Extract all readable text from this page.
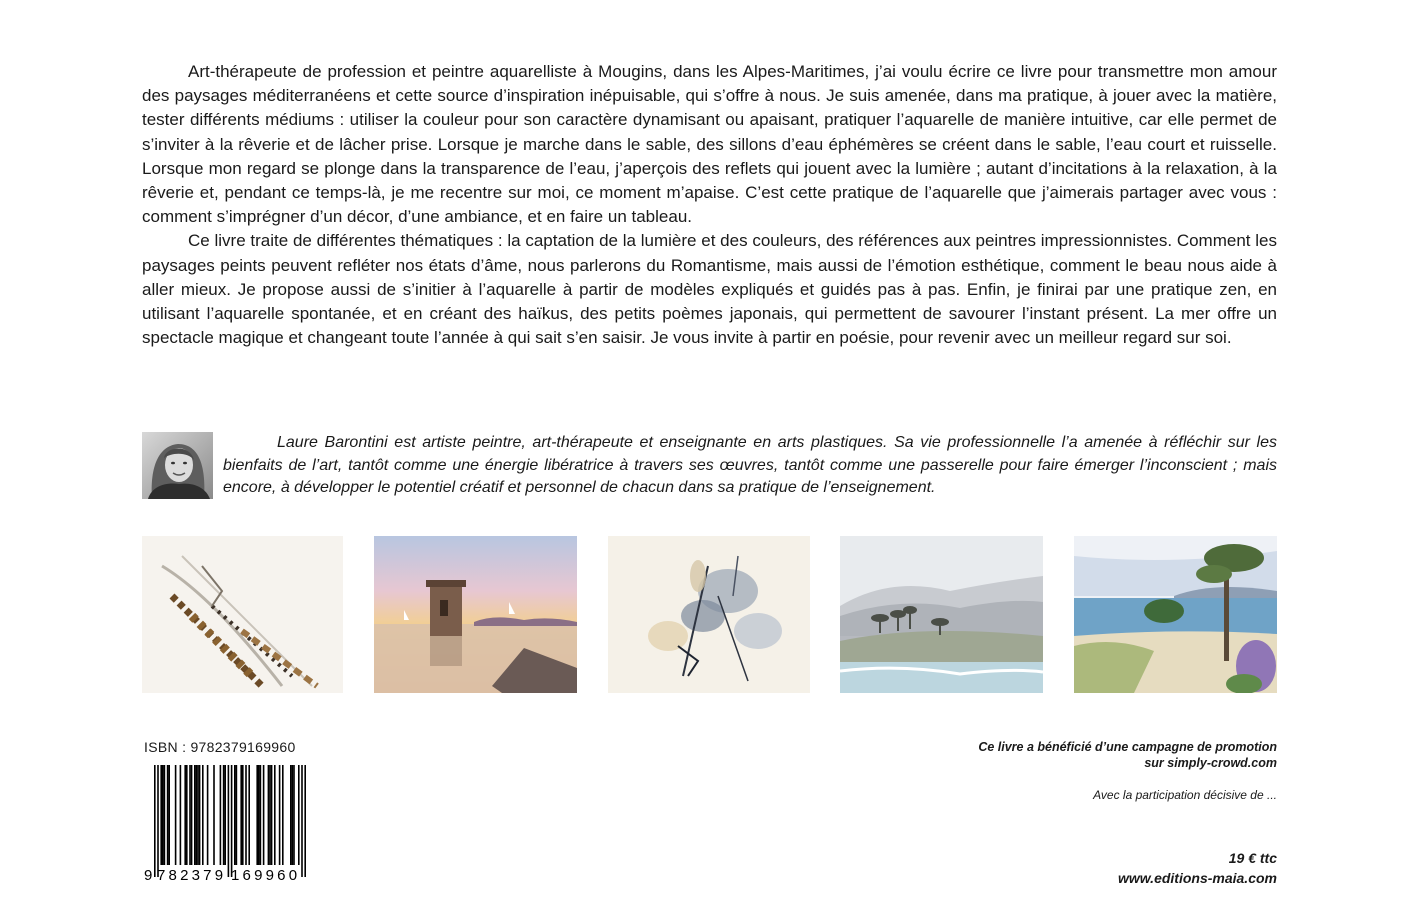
Art-thérapeute de profession et peintre aquarelliste à Mougins, dans les Alpes-Maritimes, j’ai voulu écrire ce livre pour transmettre mon amour des paysages méditerranéens et cette source d’inspiration inépuisable, qui s’offre à nous. Je suis amenée, dans ma pratique, à jouer avec la matière, tester différents médiums : utiliser la couleur pour son caractère dynamisant ou apaisant, pratiquer l’aquarelle de manière intuitive, car elle permet de s’inviter à la rêverie et de lâcher prise. Lorsque je marche dans le sable, des sillons d’eau éphémères se créent dans le sable, l’eau court et ruisselle. Lorsque mon regard se plonge dans la transparence de l’eau, j’aperçois des reflets qui jouent avec la lumière ; autant d’incitations à la relaxation, à la rêverie et, pendant ce temps-là, je me recentre sur moi, ce moment m’apaise. C’est cette pratique de l’aquarelle que j’aimerais partager avec vous : comment s’imprégner d’un décor, d’une ambiance, et en faire un tableau.

Ce livre traite de différentes thématiques : la captation de la lumière et des couleurs, des références aux peintres impressionnistes. Comment les paysages peints peuvent refléter nos états d’âme, nous parlerons du Romantisme, mais aussi de l’émotion esthétique, comment le beau nous aide à aller mieux. Je propose aussi de s’initier à l’aquarelle à partir de modèles expliqués et guidés pas à pas. Enfin, je finirai par une pratique zen, en utilisant l’aquarelle spontanée, et en créant des haïkus, des petits poèmes japonais, qui permettent de savourer l’instant présent. La mer offre un spectacle magique et changeant toute l’année à qui sait s’en saisir. Je vous invite à partir en poésie, pour revenir avec un meilleur regard sur soi.

Laure Barontini est artiste peintre, art-thérapeute et enseignante en arts plastiques. Sa vie professionnelle l’a amenée à réfléchir sur les bienfaits de l’art, tantôt comme une énergie libératrice à travers ses œuvres, tantôt comme une passerelle pour faire émerger l’inconscient ; mais encore, à développer le potentiel créatif et personnel de chacun dans sa pratique de l’enseignement.

ISBN : 9782379169960
9 782379 169960
Ce livre a bénéficié d’une campagne de promotion
sur simply-crowd.com
Avec la participation décisive de ...
19 € ttc
www.editions-maia.com
